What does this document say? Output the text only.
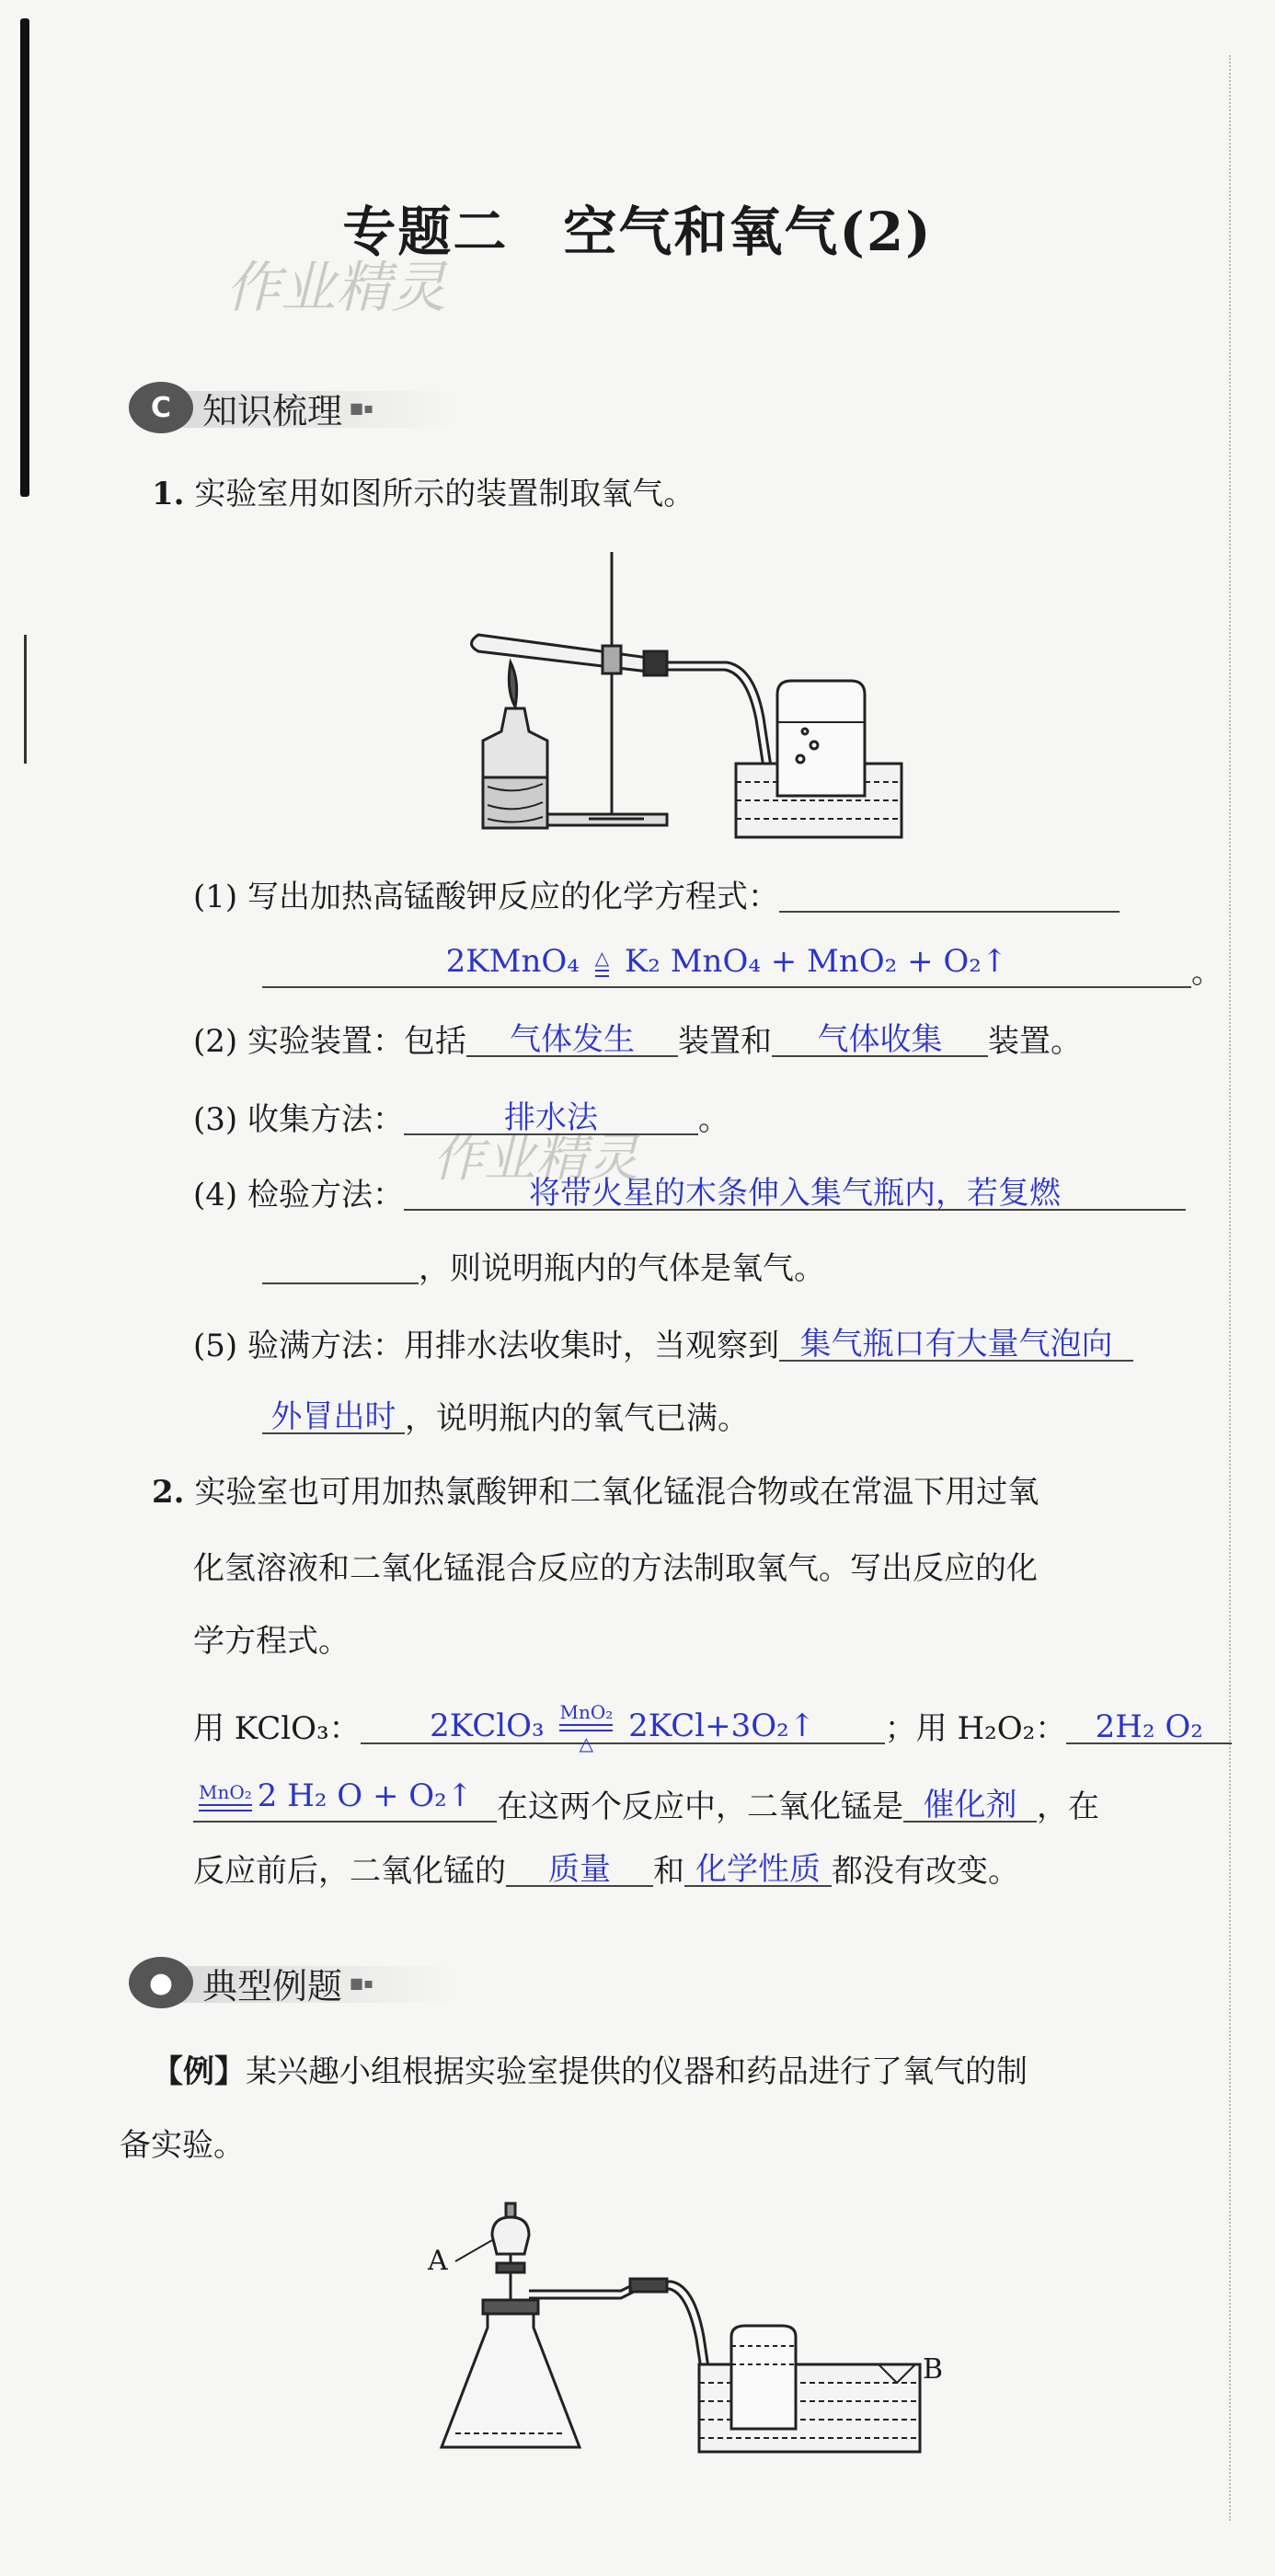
专题二　空气和氧气(2)
作业精灵
作业精灵
C 知识梳理 ■▪
1. 实验室用如图所示的装置制取氧气。
(1) 写出加热高锰酸钾反应的化学方程式：
2KMnO₄ △ K₂ MnO₄ + MnO₂ + O₂↑	。
(2) 实验装置：包括 气体发生 装置和 气体收集 装置。
(3) 收集方法：	排水法	。
(4) 检验方法：	将带火星的木条伸入集气瓶内，若复燃
，则说明瓶内的气体是氧气。
(5) 验满方法：用排水法收集时，当观察到 集气瓶口有大量气泡向
外冒出时 ，说明瓶内的氧气已满。
2. 实验室也可用加热氯酸钾和二氧化锰混合物或在常温下用过氧
化氢溶液和二氧化锰混合反应的方法制取氧气。写出反应的化
学方程式。
用 KClO₃： 2KClO₃ MnO₂
△ 2KCl+3O₂↑ ；用 H₂O₂： 2H₂ O₂
MnO₂ 2 H₂ O + O₂↑ 在这两个反应中，二氧化锰是 催化剂 ，在
反应前后，二氧化锰的 质量 和 化学性质 都没有改变。
● 典型例题 ■▪
【例】某兴趣小组根据实验室提供的仪器和药品进行了氧气的制
备实验。
A
B
